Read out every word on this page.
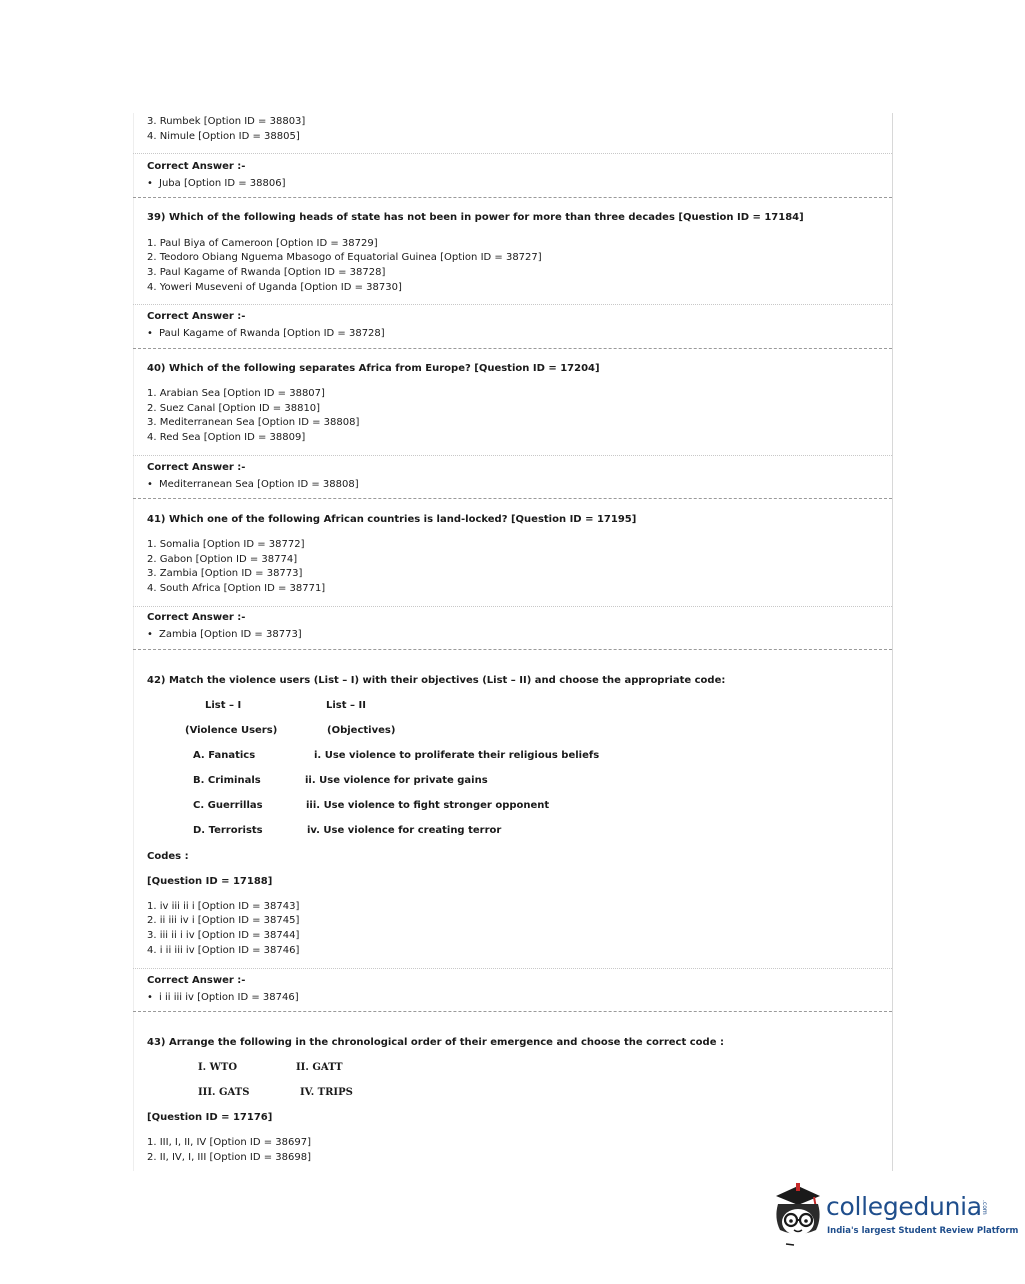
3. Rumbek [Option ID = 38803]
4. Nimule [Option ID = 38805]
Correct Answer :-
• Juba [Option ID = 38806]
39) Which of the following heads of state has not been in power for more than three decades [Question ID = 17184]
1. Paul Biya of Cameroon [Option ID = 38729]
2. Teodoro Obiang Nguema Mbasogo of Equatorial Guinea [Option ID = 38727]
3. Paul Kagame of Rwanda [Option ID = 38728]
4. Yoweri Museveni of Uganda [Option ID = 38730]
Correct Answer :-
• Paul Kagame of Rwanda [Option ID = 38728]
40) Which of the following separates Africa from Europe? [Question ID = 17204]
1. Arabian Sea [Option ID = 38807]
2. Suez Canal [Option ID = 38810]
3. Mediterranean Sea [Option ID = 38808]
4. Red Sea [Option ID = 38809]
Correct Answer :-
• Mediterranean Sea [Option ID = 38808]
41) Which one of the following African countries is land-locked? [Question ID = 17195]
1. Somalia [Option ID = 38772]
2. Gabon [Option ID = 38774]
3. Zambia [Option ID = 38773]
4. South Africa [Option ID = 38771]
Correct Answer :-
• Zambia [Option ID = 38773]
42) Match the violence users (List – I) with their objectives (List – II) and choose the appropriate code:
List – I	List – II
(Violence Users)	(Objectives)
A. Fanatics	i. Use violence to proliferate their religious beliefs
B. Criminals	ii. Use violence for private gains
C. Guerrillas	iii. Use violence to fight stronger opponent
D. Terrorists	iv. Use violence for creating terror
Codes :
[Question ID = 17188]
1. iv iii ii i [Option ID = 38743]
2. ii iii iv i [Option ID = 38745]
3. iii ii i iv [Option ID = 38744]
4. i ii iii iv [Option ID = 38746]
Correct Answer :-
• i ii iii iv [Option ID = 38746]
43) Arrange the following in the chronological order of their emergence and choose the correct code :
I. WTO	II. GATT
III. GATS	IV. TRIPS
[Question ID = 17176]
1. III, I, II, IV [Option ID = 38697]
2. II, IV, I, III [Option ID = 38698]
collegedunia .com
India's largest Student Review Platform
